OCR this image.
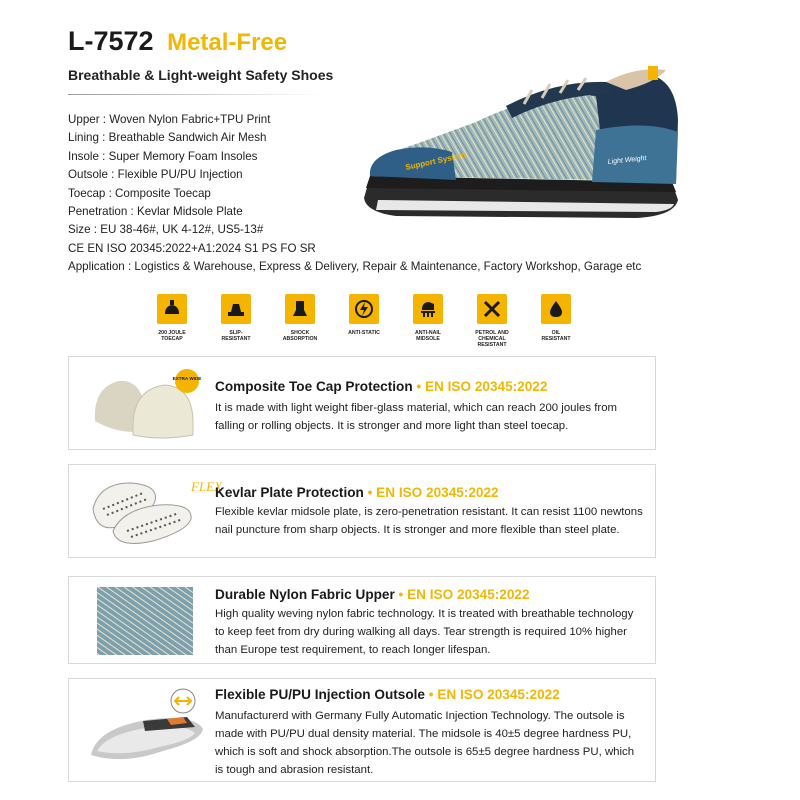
L-7572 Metal-Free
Breathable & Light-weight Safety Shoes
Upper : Woven Nylon Fabric+TPU Print
Lining : Breathable Sandwich Air Mesh
Insole : Super Memory Foam Insoles
Outsole : Flexible PU/PU Injection
Toecap : Composite Toecap
Penetration : Kevlar Midsole Plate
Size : EU 38-46#, UK 4-12#, US5-13#
CE EN ISO 20345:2022+A1:2024 S1 PS FO SR
Application : Logistics & Warehouse, Express & Delivery, Repair & Maintenance, Factory Workshop, Garage etc
Support System	Light Weight
200 JOULE
TOECAP
SLIP-
RESISTANT
SHOCK
ABSORPTION
ANTI-STATIC	ANTI-NAIL
MIDSOLE
PETROL AND
CHEMICAL
RESISTANT
OIL
RESISTANT
EXTRA WIDE
Composite Toe Cap Protection • EN ISO 20345:2022
It is made with light weight fiber-glass material, which can reach 200 joules from falling or rolling objects. It is stronger and more light than steel toecap.
FLEX
Kevlar Plate Protection • EN ISO 20345:2022
Flexible kevlar midsole plate, is zero-penetration resistant. It can resist 1100 newtons nail puncture from sharp objects. It is stronger and more flexible than steel plate.
Durable Nylon Fabric Upper • EN ISO 20345:2022
High quality weving nylon fabric technology. It is treated with breathable technology to keep feet from dry during walking all days. Tear strength is required 10% higher than Europe test requirement, to reach longer lifespan.
Flexible PU/PU Injection Outsole • EN ISO 20345:2022
Manufacturerd with Germany Fully Automatic Injection Technology. The outsole is made with PU/PU dual density material. The midsole is 40±5 degree hardness PU, which is soft and shock absorption.The outsole is 65±5 degree hardness PU, which is tough and abrasion resistant.
